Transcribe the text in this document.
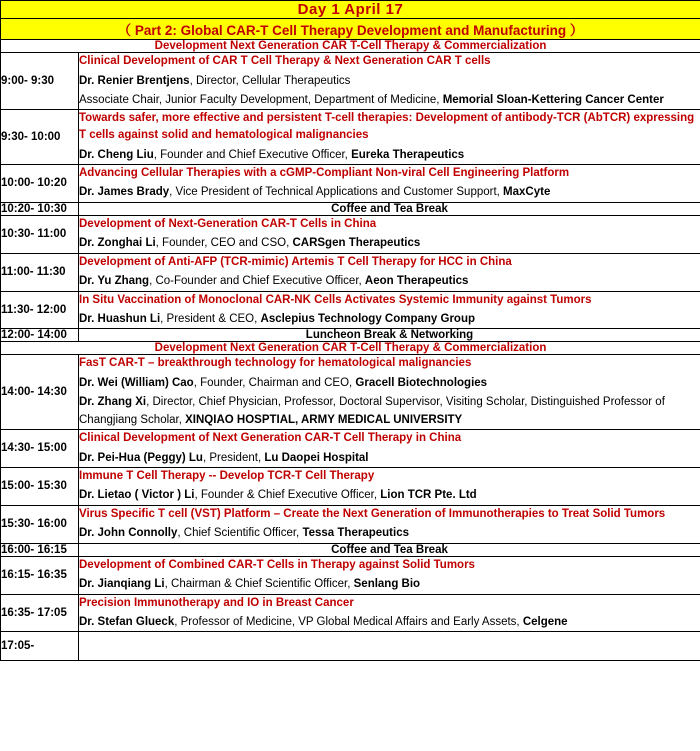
Day 1 April 17	

（ Part 2: Global CAR-T Cell Therapy Development and Manufacturing ）	

Development Next Generation CAR T-Cell Therapy & Commercialization	

9:00- 9:30	Clinical Development of CAR T Cell Therapy & Next Generation CAR T cells
Dr. Renier Brentjens, Director, Cellular Therapeutics
Associate Chair, Junior Faculty Development, Department of Medicine, Memorial Sloan-Kettering Cancer Center

9:30- 10:00	Towards safer, more effective and persistent T-cell therapies: Development of antibody-TCR (AbTCR) expressing T cells against solid and hematological malignancies
Dr. Cheng Liu, Founder and Chief Executive Officer, Eureka Therapeutics

10:00- 10:20	Advancing Cellular Therapies with a cGMP-Compliant Non-viral Cell Engineering Platform
Dr. James Brady, Vice President of Technical Applications and Customer Support, MaxCyte

10:20- 10:30	Coffee and Tea Break
10:30- 11:00	Development of Next-Generation CAR-T Cells in China
Dr. Zonghai Li, Founder, CEO and CSO, CARSgen Therapeutics

11:00- 11:30	Development of Anti-AFP (TCR-mimic) Artemis T Cell Therapy for HCC in China
Dr. Yu Zhang, Co-Founder and Chief Executive Officer, Aeon Therapeutics

11:30- 12:00	In Situ Vaccination of Monoclonal CAR-NK Cells Activates Systemic Immunity against Tumors
Dr. Huashun Li, President & CEO, Asclepius Technology Company Group

12:00- 14:00	Luncheon Break & Networking

Development Next Generation CAR T-Cell Therapy & Commercialization	

14:00- 14:30	FasT CAR-T – breakthrough technology for hematological malignancies
Dr. Wei (William) Cao, Founder, Chairman and CEO, Gracell Biotechnologies
Dr. Zhang Xi, Director, Chief Physician, Professor, Doctoral Supervisor, Visiting Scholar, Distinguished Professor of Changjiang Scholar, XINQIAO HOSPTIAL, ARMY MEDICAL UNIVERSITY

14:30- 15:00	Clinical Development of Next Generation CAR-T Cell Therapy in China
Dr. Pei-Hua (Peggy) Lu, President, Lu Daopei Hospital

15:00- 15:30	Immune T Cell Therapy -- Develop TCR-T Cell Therapy
Dr. Lietao ( Victor ) Li, Founder & Chief Executive Officer, Lion TCR Pte. Ltd

15:30- 16:00	Virus Specific T cell (VST) Platform – Create the Next Generation of Immunotherapies to Treat Solid Tumors
Dr. John Connolly, Chief Scientific Officer, Tessa Therapeutics

16:00- 16:15	Coffee and Tea Break
16:15- 16:35	Development of Combined CAR-T Cells in Therapy against Solid Tumors
Dr. Jianqiang Li, Chairman & Chief Scientific Officer, Senlang Bio

16:35- 17:05	Precision Immunotherapy and IO in Breast Cancer
Dr. Stefan Glueck, Professor of Medicine, VP Global Medical Affairs and Early Assets, Celgene

17:05-	
